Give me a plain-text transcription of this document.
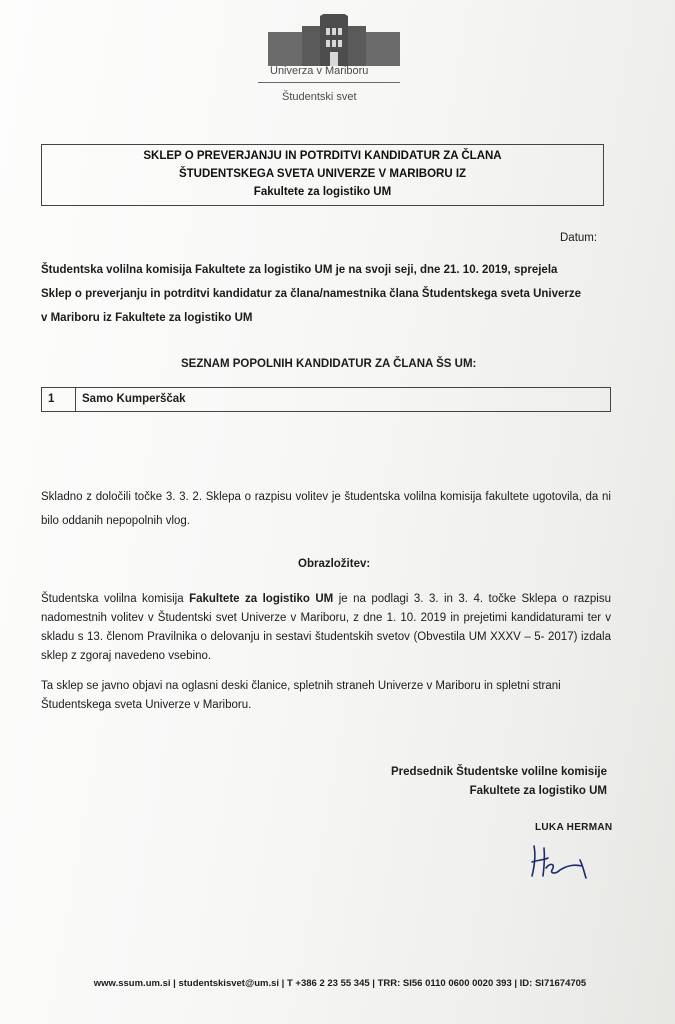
Univerza v Mariboru
Študentski svet
SKLEP O PREVERJANJU IN POTRDITVI KANDIDATUR ZA ČLANA
ŠTUDENTSKEGA SVETA UNIVERZE V MARIBORU IZ
Fakultete za logistiko UM
Datum:
Študentska volilna komisija Fakultete za logistiko UM je na svoji seji, dne 21. 10. 2019, sprejela
Sklep o preverjanju in potrditvi kandidatur za člana/namestnika člana Študentskega sveta Univerze
v Mariboru iz Fakultete za logistiko UM
SEZNAM POPOLNIH KANDIDATUR ZA ČLANA ŠS UM:
1 Samo Kumperščak
Skladno z določili točke 3. 3. 2. Sklepa o razpisu volitev je študentska volilna komisija fakultete ugotovila, da ni bilo oddanih nepopolnih vlog.
Obrazložitev:
Študentska volilna komisija Fakultete za logistiko UM je na podlagi 3. 3. in 3. 4. točke Sklepa o razpisu nadomestnih volitev v Študentski svet Univerze v Mariboru, z dne 1. 10. 2019 in prejetimi kandidaturami ter v skladu s 13. členom Pravilnika o delovanju in sestavi študentskih svetov (Obvestila UM XXXV – 5- 2017) izdala sklep z zgoraj navedeno vsebino.
Ta sklep se javno objavi na oglasni deski članice, spletnih straneh Univerze v Mariboru in spletni strani Študentskega sveta Univerze v Mariboru.
Predsednik Študentske volilne komisije
Fakultete za logistiko UM
LUKA HERMAN
www.ssum.um.si | studentskisvet@um.si | T +386 2 23 55 345 | TRR: SI56 0110 0600 0020 393 | ID: SI71674705
